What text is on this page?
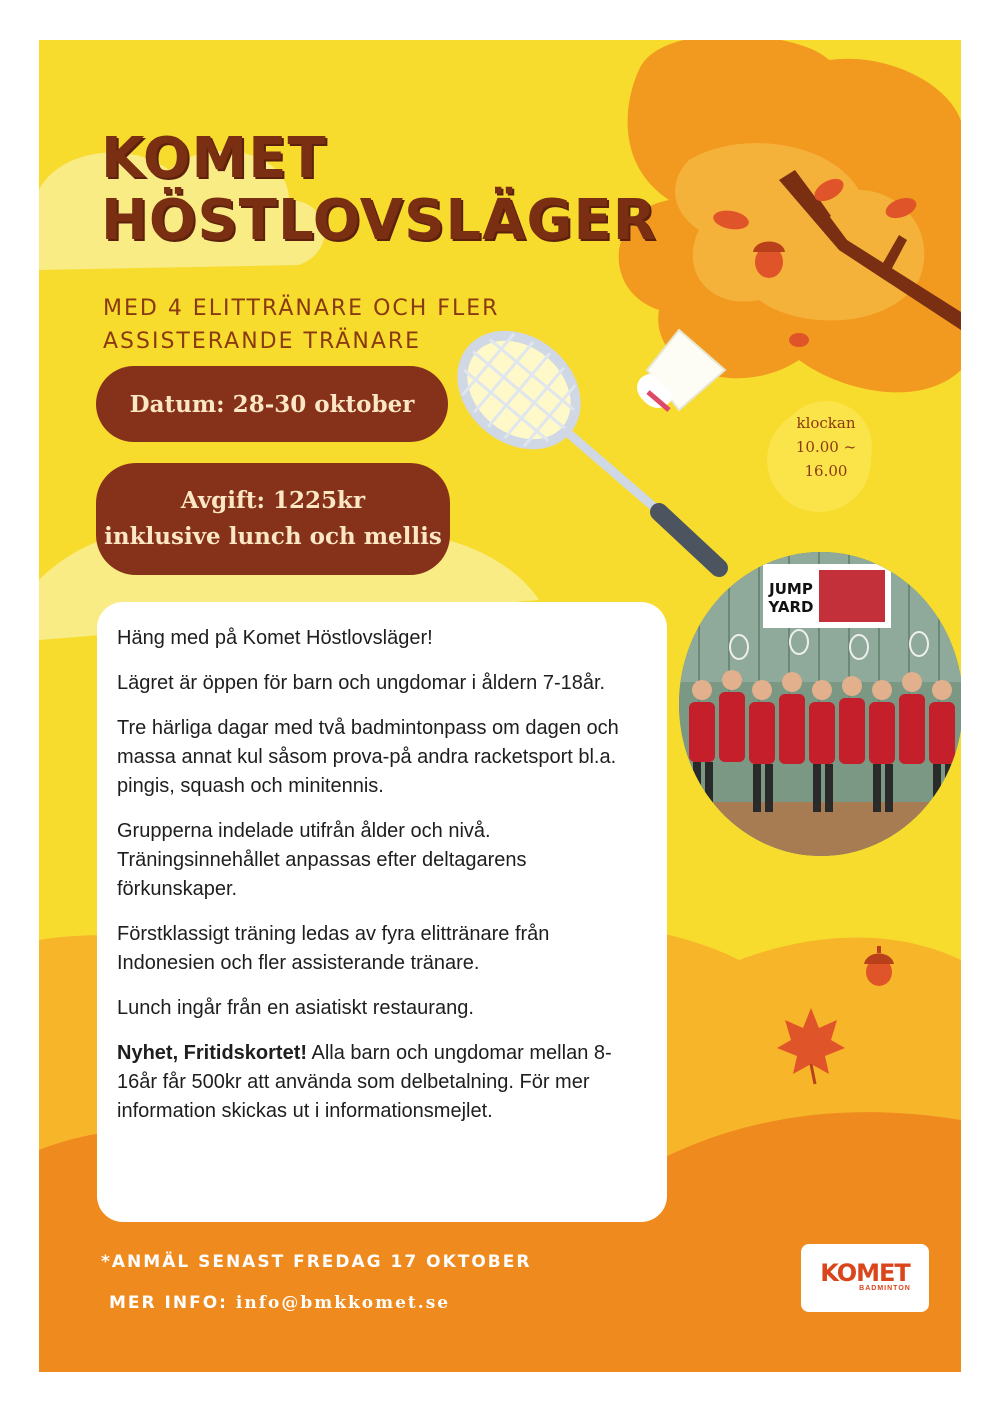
KOMET
HÖSTLOVSLÄGER
MED 4 ELITTRÄNARE OCH FLER
ASSISTERANDE TRÄNARE
Datum: 28-30 oktober
Avgift: 1225kr
inklusive lunch och mellis
klockan
10.00 ~
16.00
JUMP
YARD

Häng med på Komet Höstlovsläger!

Lägret är öppen för barn och ungdomar i åldern 7-18år.

Tre härliga dagar med två badmintonpass om dagen och massa annat kul såsom prova-på andra racketsport bl.a. pingis, squash och minitennis.

Grupperna indelade utifrån ålder och nivå. Träningsinnehållet anpassas efter deltagarens förkunskaper.

Förstklassigt träning ledas av fyra elittränare från Indonesien och fler assisterande tränare.

Lunch ingår från en asiatiskt restaurang.

Nyhet, Fritidskortet! Alla barn och ungdomar mellan 8-16år får 500kr att använda som delbetalning. För mer information skickas ut i informationsmejlet.

*ANMÄL SENAST FREDAG 17 OKTOBER
MER INFO: info@bmkkomet.se
KOMET
BADMINTON
